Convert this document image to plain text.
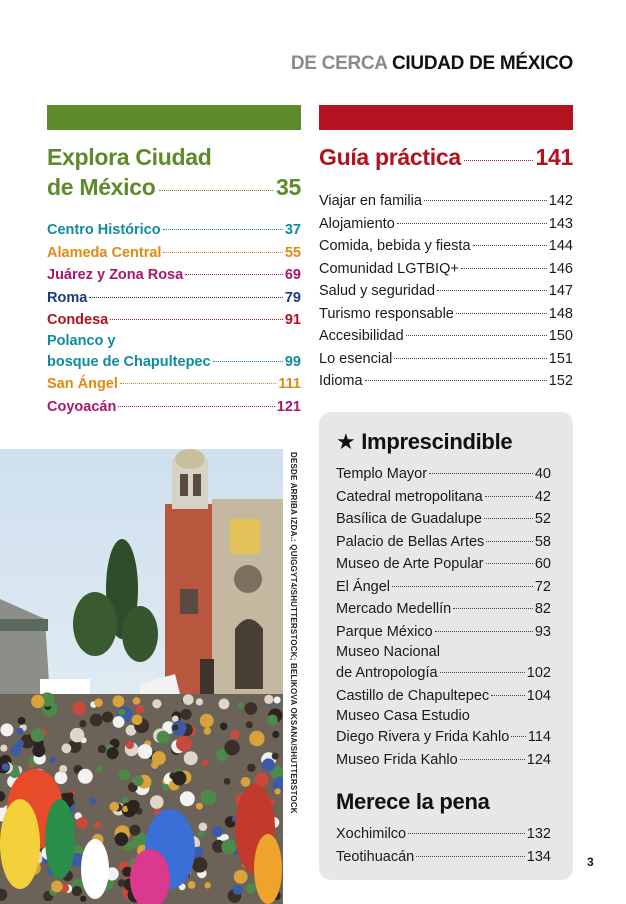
DE CERCA CIUDAD DE MÉXICO
Explora Ciudad
de México	35
Centro Histórico	37
Alameda Central	55
Juárez y Zona Rosa	69
Roma	79
Condesa	91
Polanco y
bosque de Chapultepec	99
San Ángel	111
Coyoacán	121
Guía práctica	141
Viajar en familia	142
Alojamiento	143
Comida, bebida y fiesta	144
Comunidad LGTBIQ+	146
Salud y seguridad	147
Turismo responsable	148
Accesibilidad	150
Lo esencial	151
Idioma	152
DESDE ARRIBA IZDA.: QUIGGYT4/SHUTTERSTOCK; BELIKOVA OKSANA/SHUTTERSTOCK
★ Imprescindible
Templo Mayor	40
Catedral metropolitana	42
Basílica de Guadalupe	52
Palacio de Bellas Artes	58
Museo de Arte Popular	60
El Ángel	72
Mercado Medellín	82
Parque México	93
Museo Nacional
de Antropología	102
Castillo de Chapultepec	104
Museo Casa Estudio
Diego Rivera y Frida Kahlo 114
Museo Frida Kahlo	124
Merece la pena
Xochimilco	132
Teotihuacán	134	3
